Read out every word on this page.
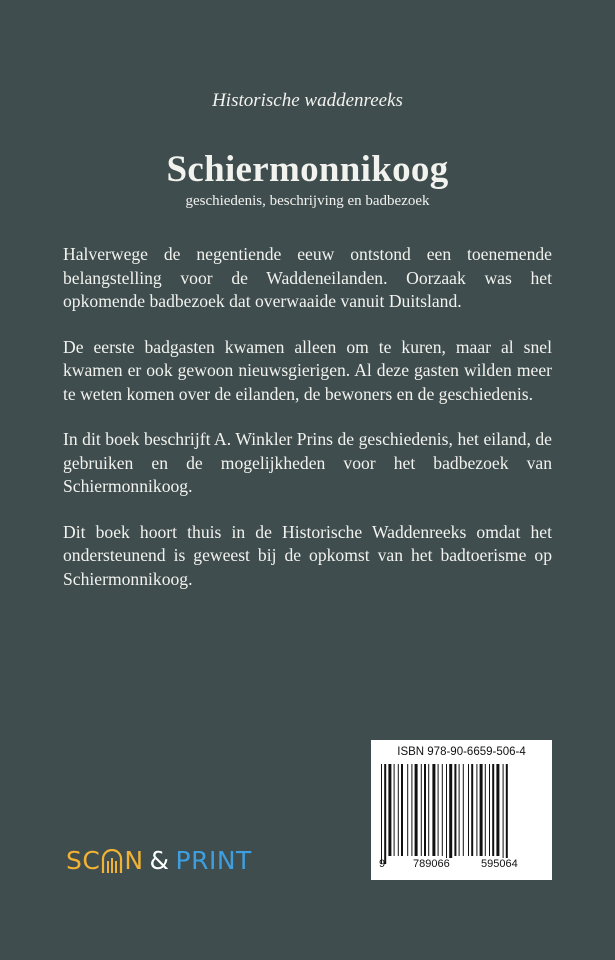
Historische waddenreeks
Schiermonnikoog
geschiedenis, beschrijving en badbezoek

Halverwege de negentiende eeuw ontstond een toenemende belangstelling voor de Waddeneilanden. Oorzaak was het opkomende badbezoek dat overwaaide vanuit Duitsland.

De eerste badgasten kwamen alleen om te kuren, maar al snel kwamen er ook gewoon nieuwsgierigen. Al deze gasten wilden meer te weten komen over de eilanden, de bewoners en de geschiedenis.

In dit boek beschrijft A. Winkler Prins de geschiedenis, het eiland, de gebruiken en de mogelijkheden voor het badbezoek van Schiermonnikoog.

Dit boek hoort thuis in de Historische Waddenreeks omdat het ondersteunend is geweest bij de opkomst van het badtoerisme op Schiermonnikoog.

ISBN 978-90-6659-506-4
9	789066	595064
SC N & PRINT
